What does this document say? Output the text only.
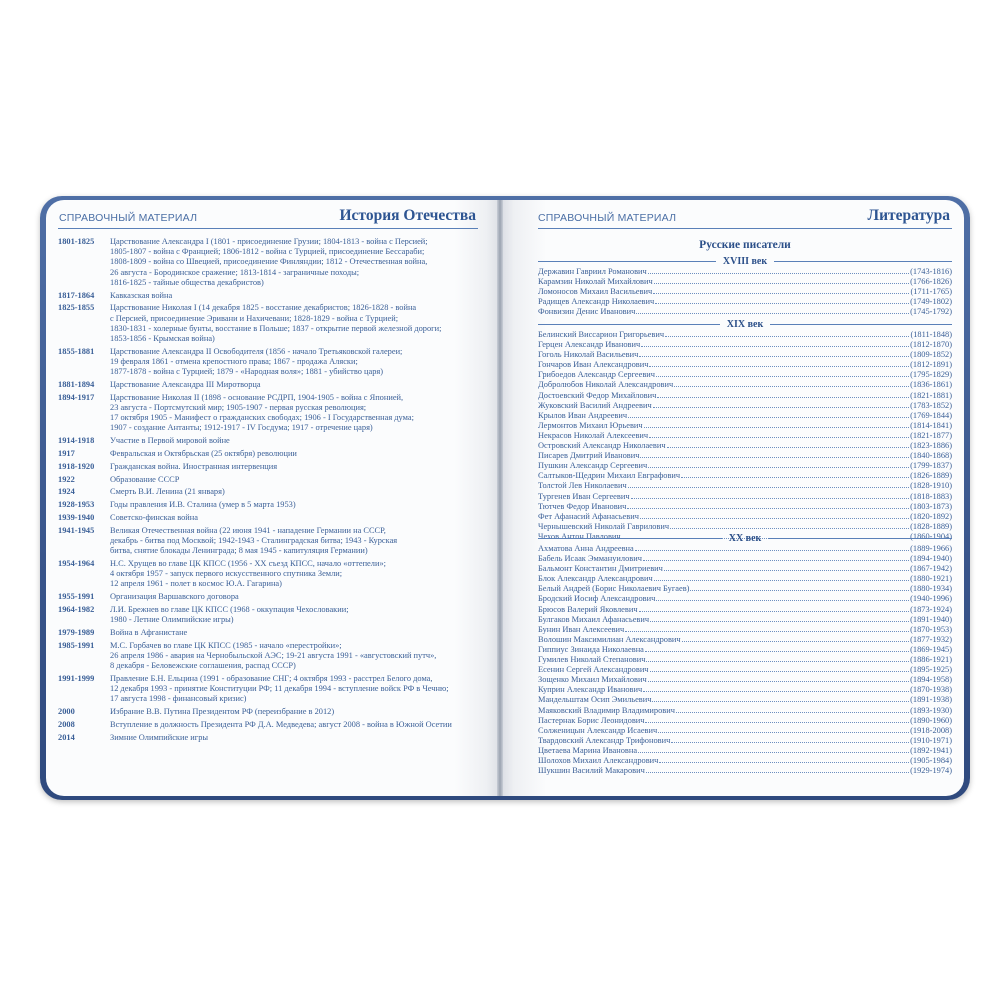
СПРАВОЧНЫЙ МАТЕРИАЛ	История Отечества
1801-1825	Царствование Александра I (1801 - присоединение Грузии; 1804-1813 - война с Персией;
1805-1807 - война с Францией; 1806-1812 - война с Турцией, присоединение Бессараби;
1808-1809 - война со Швецией, присоединение Финляндии; 1812 - Отечественная война,
26 августа - Бородинское сражение; 1813-1814 - заграничные походы;
1816-1825 - тайные общества декабристов)
1817-1864	Кавказская война
1825-1855	Царствование Николая I (14 декабря 1825 - восстание декабристов; 1826-1828 - война
с Персией, присоединение Эривани и Нахичевани; 1828-1829 - война с Турцией;
1830-1831 - холерные бунты, восстание в Польше; 1837 - открытие первой железной дороги;
1853-1856 - Крымская война)
1855-1881	Царствование Александра II Освободителя (1856 - начало Третьяковской галереи;
19 февраля 1861 - отмена крепостного права; 1867 - продажа Аляски;
1877-1878 - война с Турцией; 1879 - «Народная воля»; 1881 - убийство царя)
1881-1894	Царствование Александра III Миротворца
1894-1917	Царствование Николая II (1898 - основание РСДРП, 1904-1905 - война с Японией,
23 августа - Портсмутский мир; 1905-1907 - первая русская революция;
17 октября 1905 - Манифест о гражданских свободах; 1906 - I Государственная дума;
1907 - создание Антанты; 1912-1917 - IV Госдума; 1917 - отречение царя)
1914-1918	Участие в Первой мировой войне
1917	Февральская и Октябрьская (25 октября) революции
1918-1920	Гражданская война. Иностранная интервенция
1922	Образование СССР
1924	Смерть В.И. Ленина (21 января)
1928-1953	Годы правления И.В. Сталина (умер в 5 марта 1953)
1939-1940	Советско-финская война
1941-1945	Великая Отечественная война (22 июня 1941 - нападение Германии на СССР,
декабрь - битва под Москвой; 1942-1943 - Сталинградская битва; 1943 - Курская
битва, снятие блокады Ленинграда; 8 мая 1945 - капитуляция Германии)
1954-1964	Н.С. Хрущев во главе ЦК КПСС (1956 - ХХ съезд КПСС, начало «оттепели»;
4 октября 1957 - запуск первого искусственного спутника Земли;
12 апреля 1961 - полет в космос Ю.А. Гагарина)
1955-1991	Организация Варшавского договора
1964-1982	Л.И. Брежнев во главе ЦК КПСС (1968 - оккупация Чехословакии;
1980 - Летние Олимпийские игры)
1979-1989	Война в Афганистане
1985-1991	М.С. Горбачев во главе ЦК КПСС (1985 - начало «перестройки»;
26 апреля 1986 - авария на Чернобыльской АЭС; 19-21 августа 1991 - «августовский путч»,
8 декабря - Беловежские соглашения, распад СССР)
1991-1999	Правление Б.Н. Ельцина (1991 - образование СНГ; 4 октября 1993 - расстрел Белого дома,
12 декабря 1993 - принятие Конституции РФ; 11 декабря 1994 - вступление войск РФ в Чечню;
17 августа 1998 - финансовый кризис)
2000	Избрание В.В. Путина Президентом РФ (переизбрание в 2012)
2008	Вступление в должность Президента РФ Д.А. Медведева; август 2008 - война в Южной Осетии
2014	Зимние Олимпийские игры
СПРАВОЧНЫЙ МАТЕРИАЛ	Литература
Русские писатели
XVIII век
Державин Гавриил Романович	(1743-1816)
Карамзин Николай Михайлович	(1766-1826)
Ломоносов Михаил Васильевич	(1711-1765)
Радищев Александр Николаевич	(1749-1802)
Фонвизин Денис Иванович	(1745-1792)
XIX век
Белинский Виссарион Григорьевич	(1811-1848)
Герцен Александр Иванович	(1812-1870)
Гоголь Николай Васильевич	(1809-1852)
Гончаров Иван Александрович	(1812-1891)
Грибоедов Александр Сергеевич	(1795-1829)
Добролюбов Николай Александрович	(1836-1861)
Достоевский Федор Михайлович	(1821-1881)
Жуковский Василий Андреевич	(1783-1852)
Крылов Иван Андреевич	(1769-1844)
Лермонтов Михаил Юрьевич	(1814-1841)
Некрасов Николай Алексеевич	(1821-1877)
Островский Александр Николаевич	(1823-1886)
Писарев Дмитрий Иванович	(1840-1868)
Пушкин Александр Сергеевич	(1799-1837)
Салтыков-Щедрин Михаил Евграфович	(1826-1889)
Толстой Лев Николаевич	(1828-1910)
Тургенев Иван Сергеевич	(1818-1883)
Тютчев Федор Иванович	(1803-1873)
Фет Афанасий Афанасьевич	(1820-1892)
Чернышевский Николай Гаврилович	(1828-1889)
Чехов Антон Павлович	(1860-1904)
XX век
Ахматова Анна Андреевна	(1889-1966)
Бабель Исаак Эммануилович	(1894-1940)
Бальмонт Константин Дмитриевич	(1867-1942)
Блок Александр Александрович	(1880-1921)
Белый Андрей (Борис Николаевич Бугаев)	(1880-1934)
Бродский Иосиф Александрович	(1940-1996)
Брюсов Валерий Яковлевич	(1873-1924)
Булгаков Михаил Афанасьевич	(1891-1940)
Бунин Иван Алексеевич	(1870-1953)
Волошин Максимилиан Александрович	(1877-1932)
Гиппиус Зинаида Николаевна	(1869-1945)
Гумилев Николай Степанович	(1886-1921)
Есенин Сергей Александрович	(1895-1925)
Зощенко Михаил Михайлович	(1894-1958)
Куприн Александр Иванович	(1870-1938)
Мандельштам Осип Эмильевич	(1891-1938)
Маяковский Владимир Владимирович	(1893-1930)
Пастернак Борис Леонидович	(1890-1960)
Солженицын Александр Исаевич	(1918-2008)
Твардовский Александр Трифонович	(1910-1971)
Цветаева Марина Ивановна	(1892-1941)
Шолохов Михаил Александрович	(1905-1984)
Шукшин Василий Макарович	(1929-1974)
